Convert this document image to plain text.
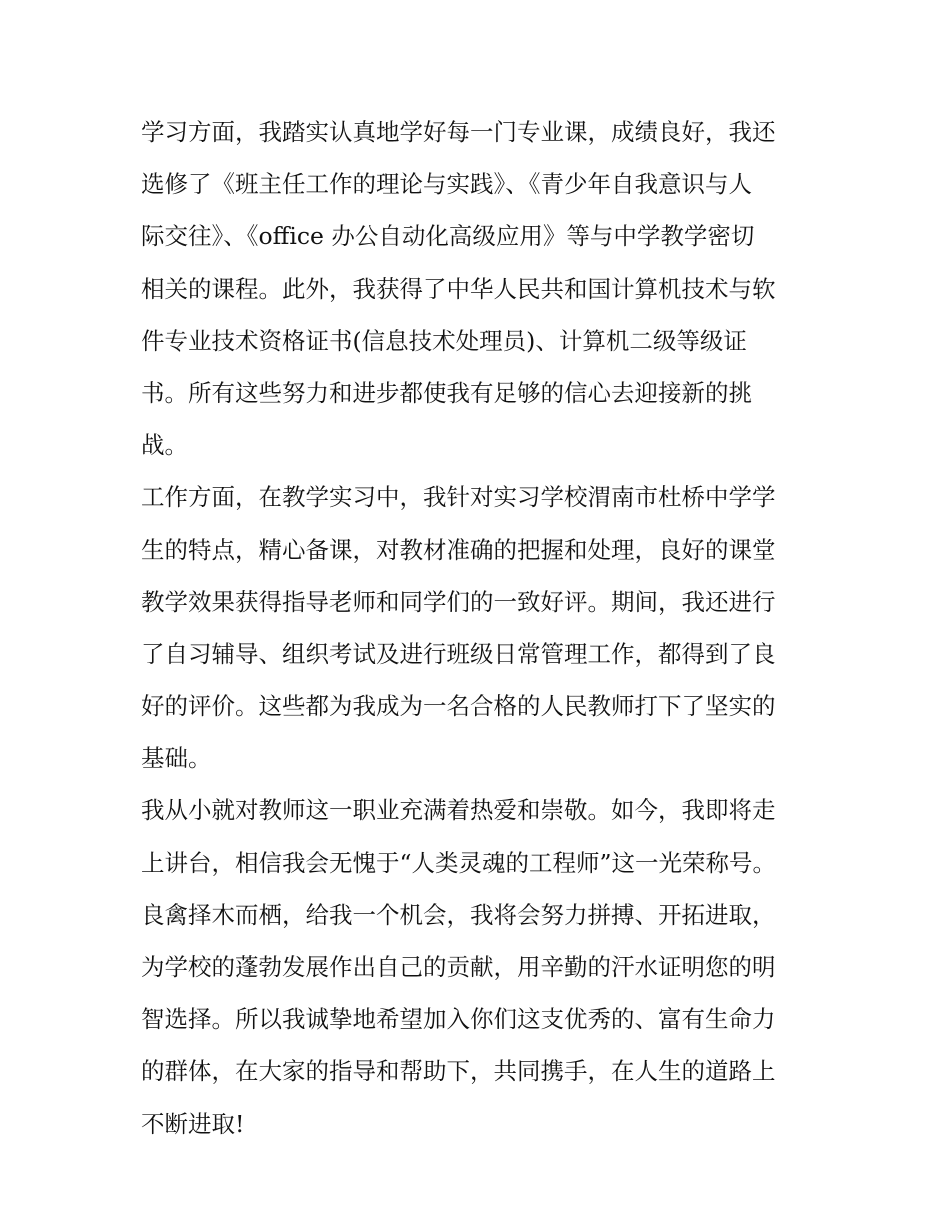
学习方面，我踏实认真地学好每一门专业课，成绩良好，我还
选修了《班主任工作的理论与实践》、《青少年自我意识与人
际交往》、《office 办公自动化高级应用》等与中学教学密切
相关的课程。此外，我获得了中华人民共和国计算机技术与软
件专业技术资格证书(信息技术处理员)、计算机二级等级证
书。所有这些努力和进步都使我有足够的信心去迎接新的挑
战。
工作方面，在教学实习中，我针对实习学校渭南市杜桥中学学
生的特点，精心备课，对教材准确的把握和处理，良好的课堂
教学效果获得指导老师和同学们的一致好评。期间，我还进行
了自习辅导、组织考试及进行班级日常管理工作，都得到了良
好的评价。这些都为我成为一名合格的人民教师打下了坚实的
基础。
我从小就对教师这一职业充满着热爱和崇敬。如今，我即将走
上讲台，相信我会无愧于“人类灵魂的工程师”这一光荣称号。
良禽择木而栖，给我一个机会，我将会努力拼搏、开拓进取，
为学校的蓬勃发展作出自己的贡献，用辛勤的汗水证明您的明
智选择。所以我诚挚地希望加入你们这支优秀的、富有生命力
的群体，在大家的指导和帮助下，共同携手，在人生的道路上
不断进取!
